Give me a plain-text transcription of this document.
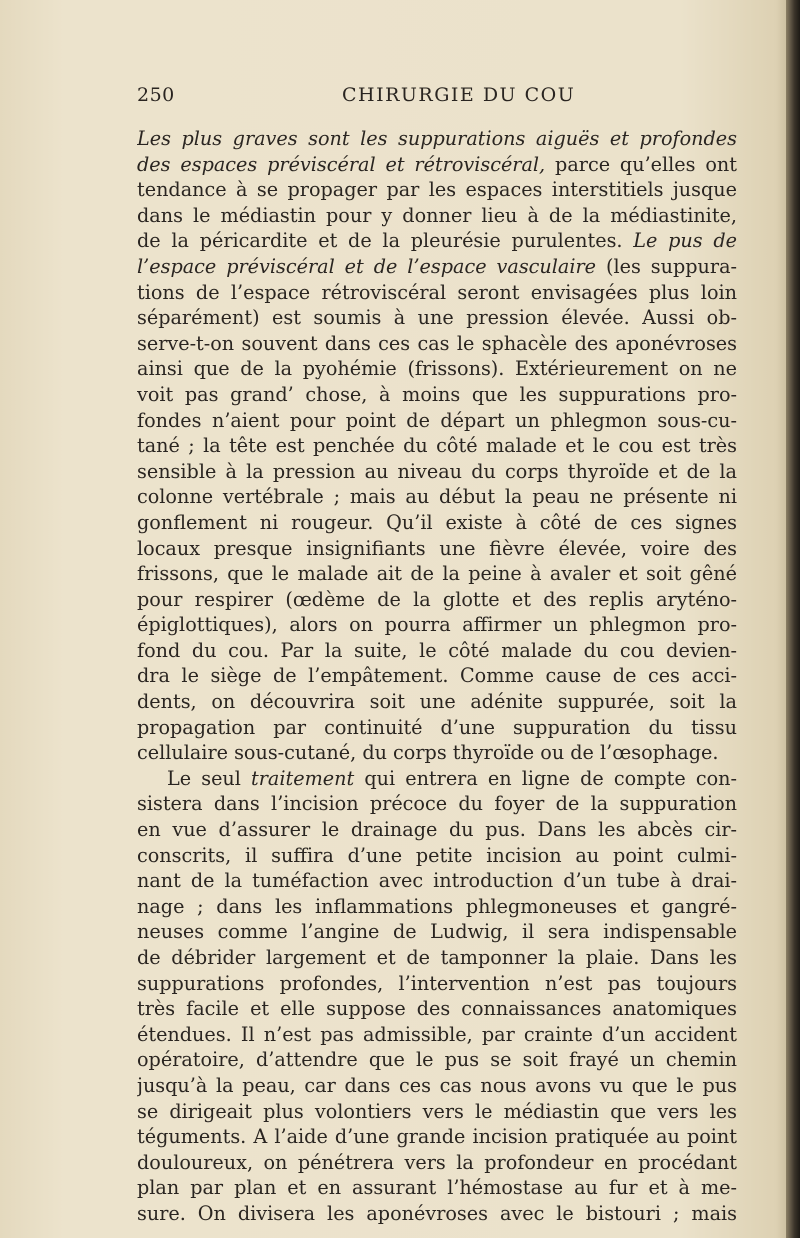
250	CHIRURGIE DU COU
Les plus graves sont les suppurations aiguës et profondes
des espaces préviscéral et rétroviscéral, parce qu’elles ont
tendance à se propager par les espaces interstitiels jusque
dans le médiastin pour y donner lieu à de la médiastinite,
de la péricardite et de la pleurésie purulentes. Le pus de
l’espace préviscéral et de l’espace vasculaire (les suppura-
tions de l’espace rétroviscéral seront envisagées plus loin
séparément) est soumis à une pression élevée. Aussi ob-
serve-t-on souvent dans ces cas le sphacèle des aponévroses
ainsi que de la pyohémie (frissons). Extérieurement on ne
voit pas grand’ chose, à moins que les suppurations pro-
fondes n’aient pour point de départ un phlegmon sous-cu-
tané ; la tête est penchée du côté malade et le cou est très
sensible à la pression au niveau du corps thyroïde et de la
colonne vertébrale ; mais au début la peau ne présente ni
gonflement ni rougeur. Qu’il existe à côté de ces signes
locaux presque insignifiants une fièvre élevée, voire des
frissons, que le malade ait de la peine à avaler et soit gêné
pour respirer (œdème de la glotte et des replis aryténo-
épiglottiques), alors on pourra affirmer un phlegmon pro-
fond du cou. Par la suite, le côté malade du cou devien-
dra le siège de l’empâtement. Comme cause de ces acci-
dents, on découvrira soit une adénite suppurée, soit la
propagation par continuité d’une suppuration du tissu
cellulaire sous-cutané, du corps thyroïde ou de l’œsophage.
Le seul traitement qui entrera en ligne de compte con-
sistera dans l’incision précoce du foyer de la suppuration
en vue d’assurer le drainage du pus. Dans les abcès cir-
conscrits, il suffira d’une petite incision au point culmi-
nant de la tuméfaction avec introduction d’un tube à drai-
nage ; dans les inflammations phlegmoneuses et gangré-
neuses comme l’angine de Ludwig, il sera indispensable
de débrider largement et de tamponner la plaie. Dans les
suppurations profondes, l’intervention n’est pas toujours
très facile et elle suppose des connaissances anatomiques
étendues. Il n’est pas admissible, par crainte d’un accident
opératoire, d’attendre que le pus se soit frayé un chemin
jusqu’à la peau, car dans ces cas nous avons vu que le pus
se dirigeait plus volontiers vers le médiastin que vers les
téguments. A l’aide d’une grande incision pratiquée au point
douloureux, on pénétrera vers la profondeur en procédant
plan par plan et en assurant l’hémostase au fur et à me-
sure. On divisera les aponévroses avec le bistouri ; mais
